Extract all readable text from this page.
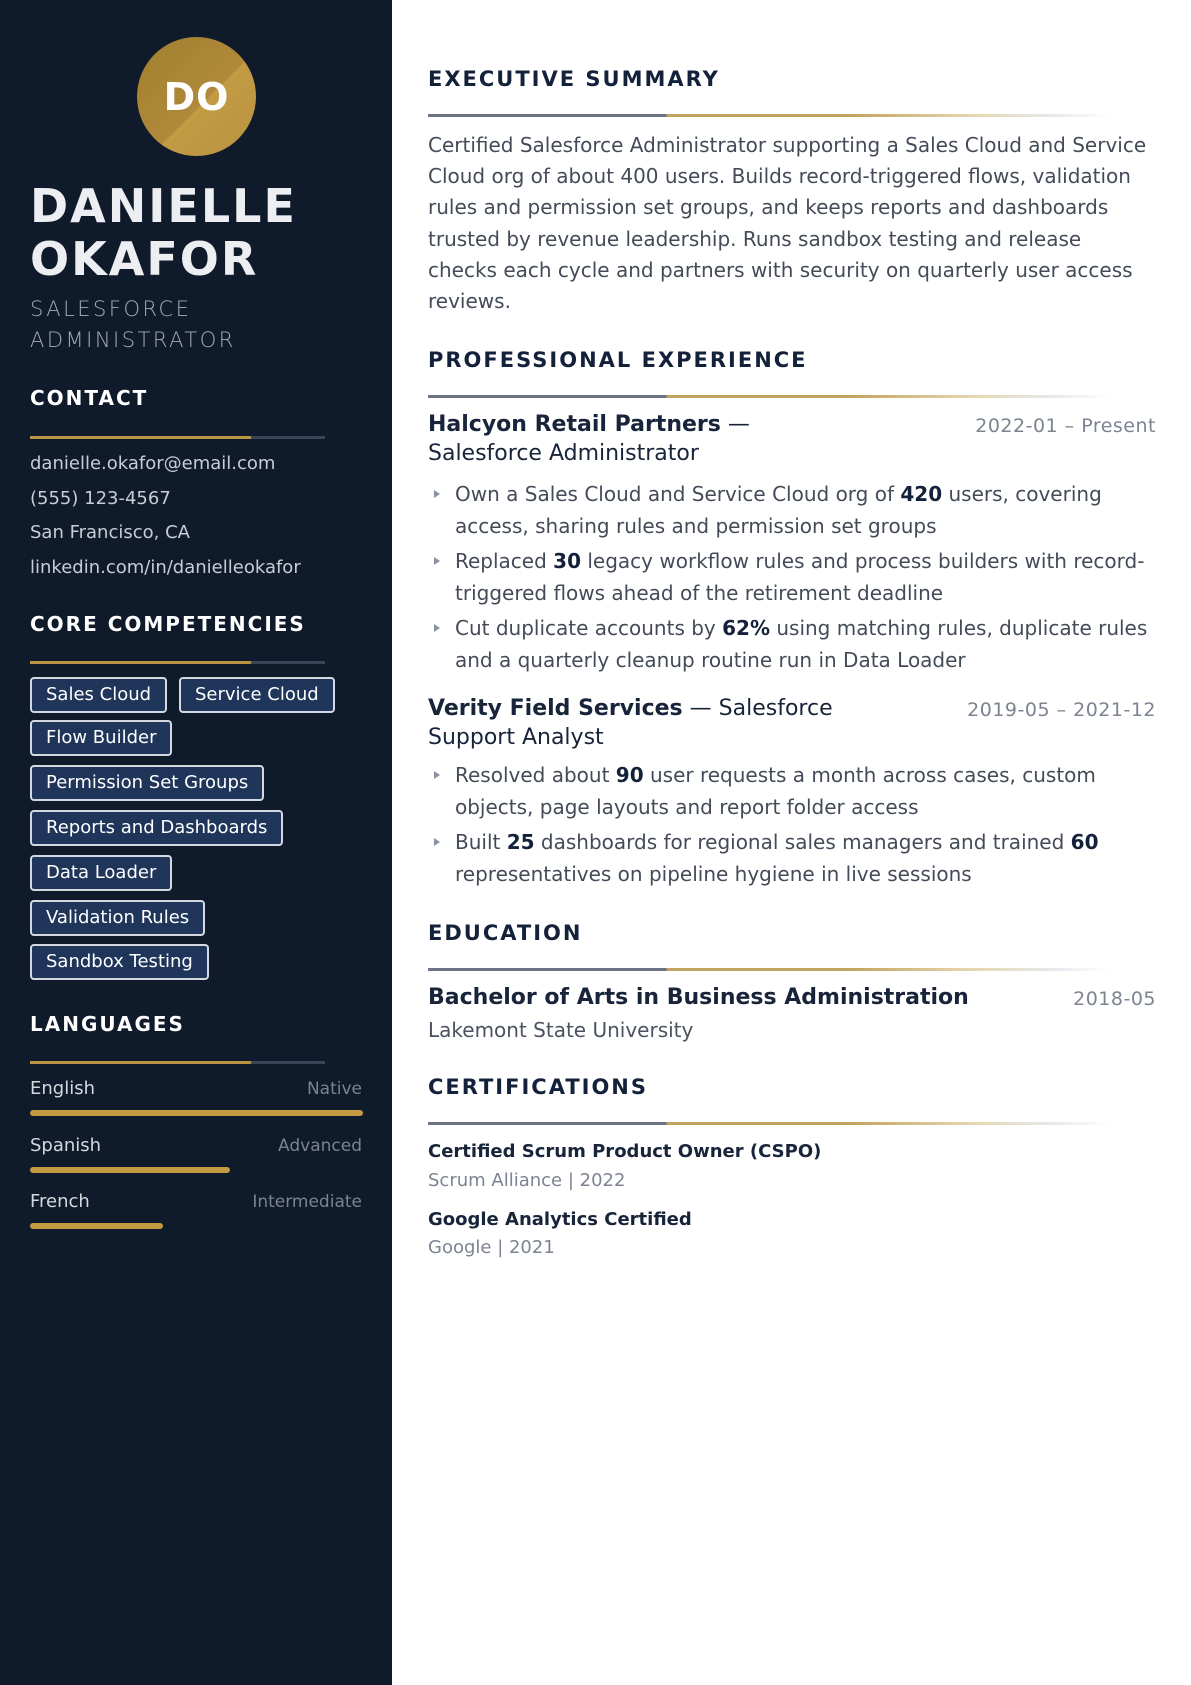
DO
DANIELLE
OKAFOR
SALESFORCE
ADMINISTRATOR
CONTACT
danielle.okafor@email.com
(555) 123-4567
San Francisco, CA
linkedin.com/in/danielleokafor
CORE COMPETENCIES
Sales Cloud	Service Cloud
Flow Builder
Permission Set Groups
Reports and Dashboards
Data Loader
Validation Rules
Sandbox Testing
LANGUAGES
English	Native
Spanish	Advanced
French	Intermediate
EXECUTIVE SUMMARY

Certified Salesforce Administrator supporting a Sales Cloud and Service Cloud org of about 400 users. Builds record-triggered flows, validation rules and permission set groups, and keeps reports and dashboards trusted by revenue leadership. Runs sandbox testing and release checks each cycle and partners with security on quarterly user access reviews.

PROFESSIONAL EXPERIENCE
Halcyon Retail Partners — Salesforce Administrator
2022-01 – Present
Own a Sales Cloud and Service Cloud org of 420 users, covering access, sharing rules and permission set groups
Replaced 30 legacy workflow rules and process builders with record-triggered flows ahead of the retirement deadline
Cut duplicate accounts by 62% using matching rules, duplicate rules and a quarterly cleanup routine run in Data Loader
Verity Field Services — Salesforce Support Analyst
2019-05 – 2021-12
Resolved about 90 user requests a month across cases, custom objects, page layouts and report folder access
Built 25 dashboards for regional sales managers and trained 60 representatives on pipeline hygiene in live sessions
EDUCATION
Bachelor of Arts in Business Administration	2018-05
Lakemont State University
CERTIFICATIONS
Certified Scrum Product Owner (CSPO)
Scrum Alliance | 2022
Google Analytics Certified
Google | 2021
